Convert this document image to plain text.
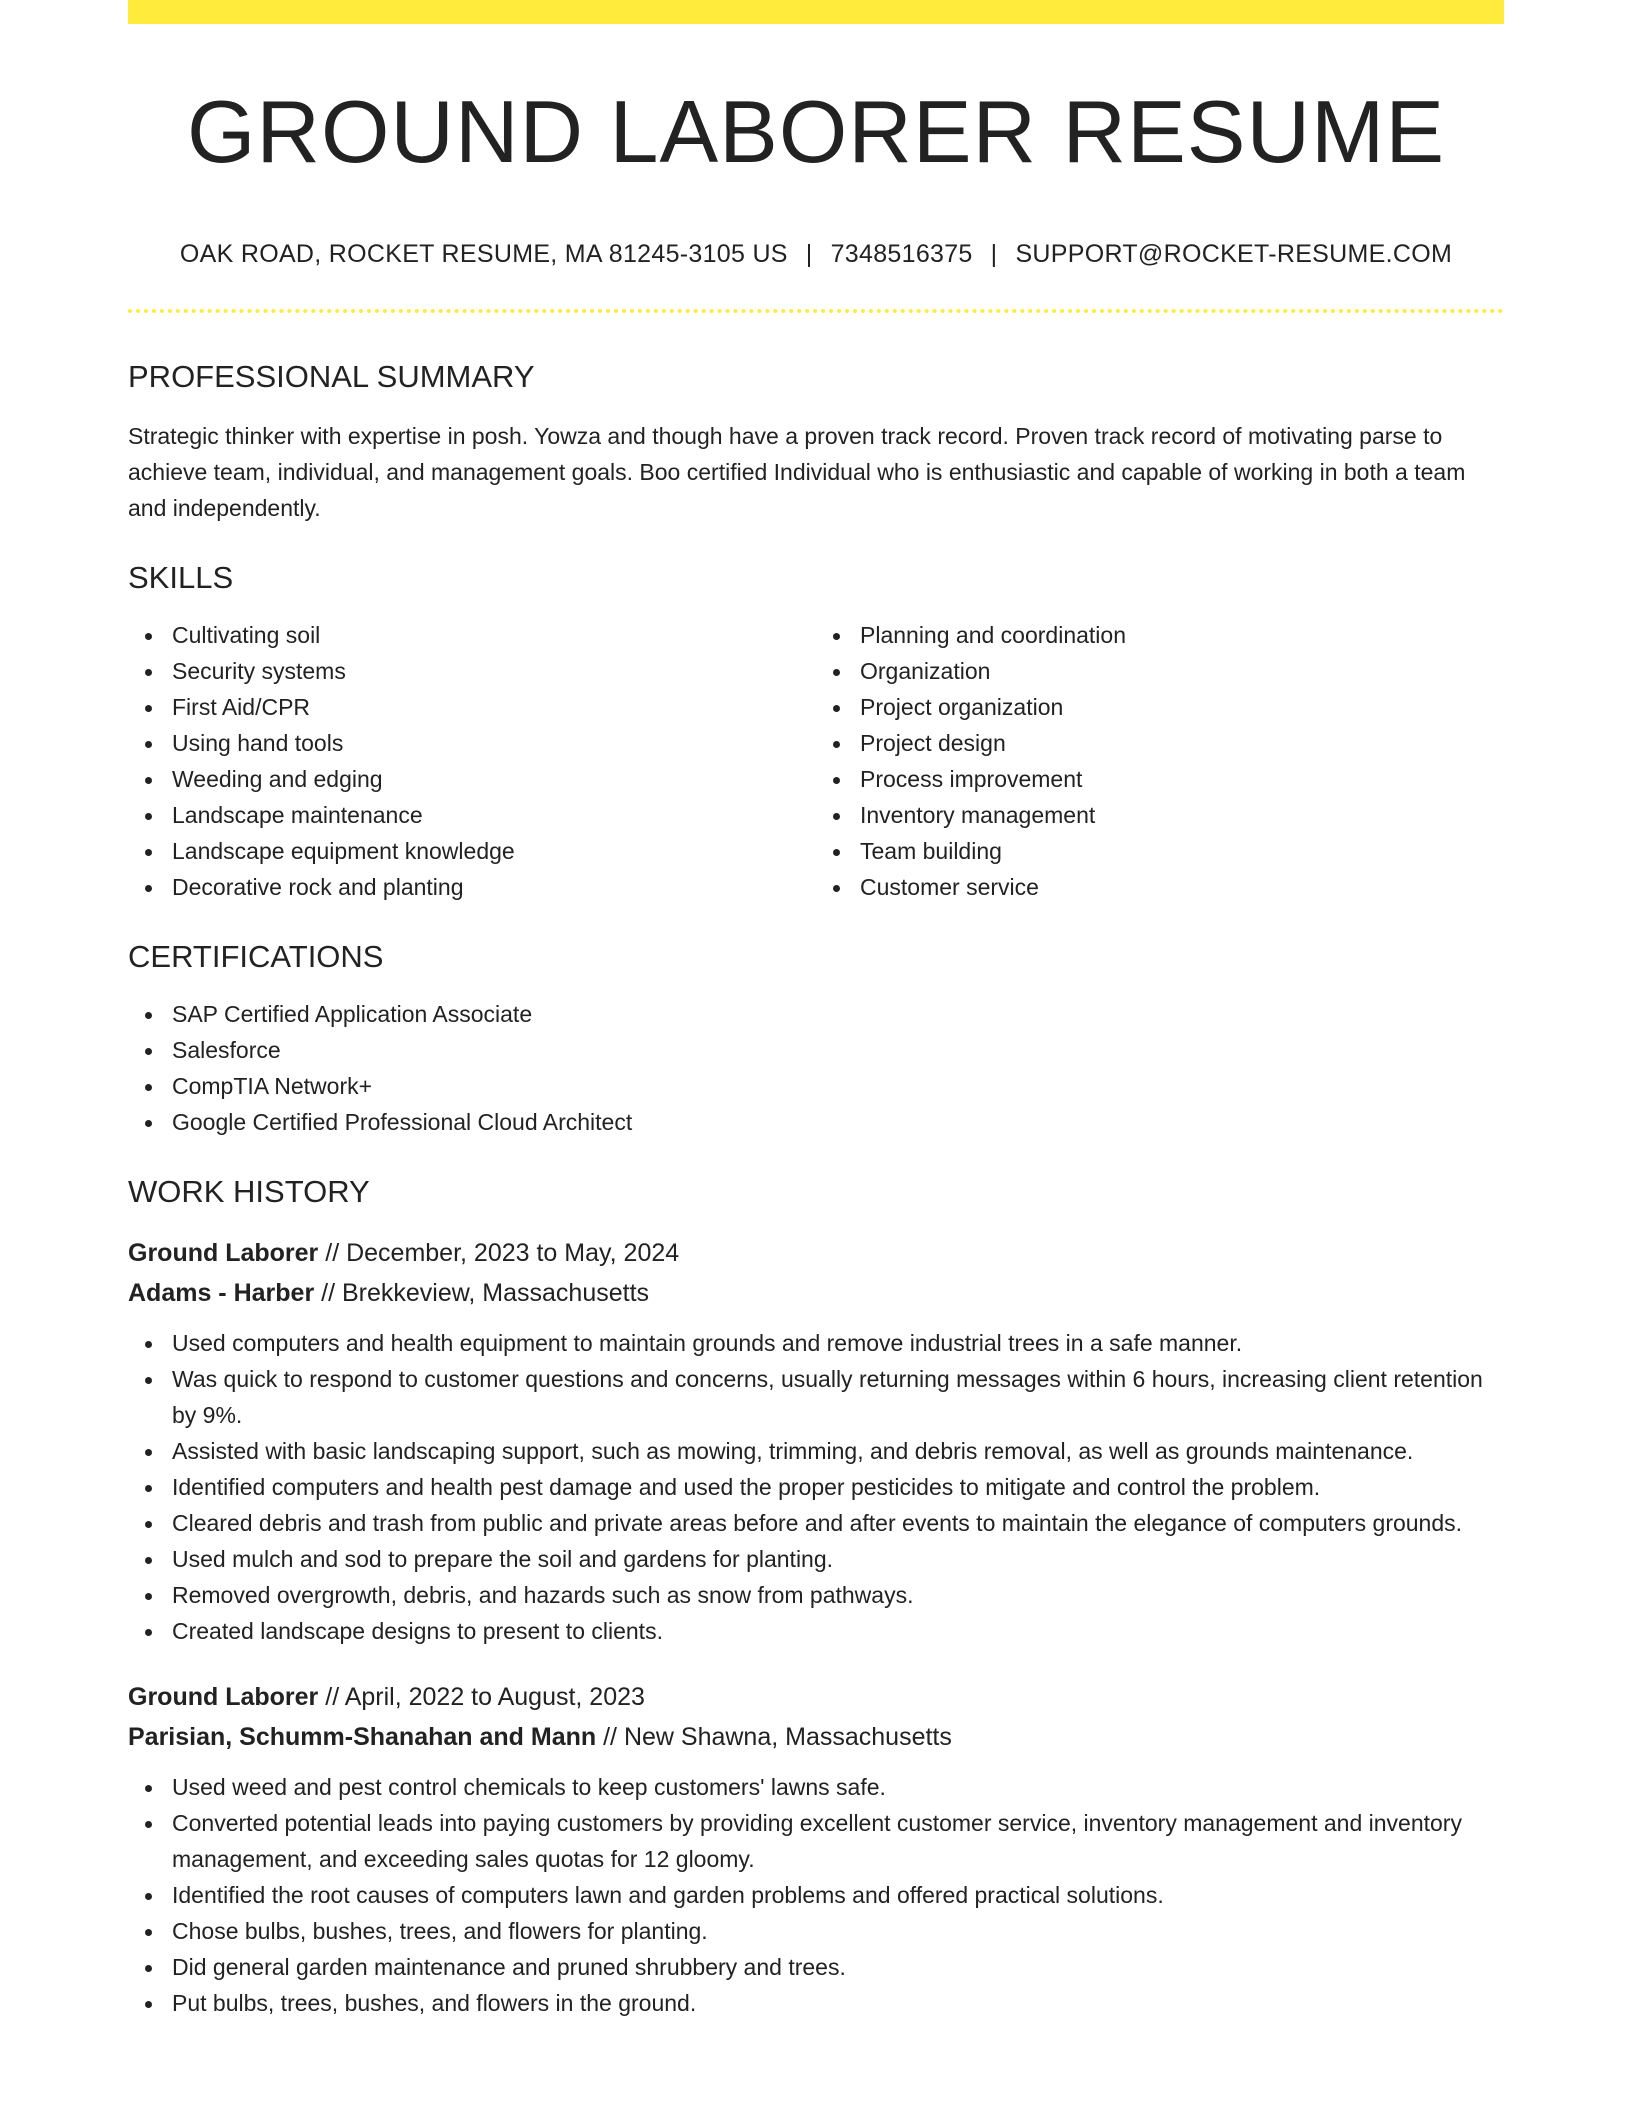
GROUND LABORER RESUME
OAK ROAD, ROCKET RESUME, MA 81245-3105 US | 7348516375 | SUPPORT@ROCKET-RESUME.COM
PROFESSIONAL SUMMARY

Strategic thinker with expertise in posh. Yowza and though have a proven track record. Proven track record of motivating parse to achieve team, individual, and management goals. Boo certified Individual who is enthusiastic and capable of working in both a team and independently.

SKILLS
Cultivating soil
Security systems
First Aid/CPR
Using hand tools
Weeding and edging
Landscape maintenance
Landscape equipment knowledge
Decorative rock and planting
Planning and coordination
Organization
Project organization
Project design
Process improvement
Inventory management
Team building
Customer service
CERTIFICATIONS
SAP Certified Application Associate
Salesforce
CompTIA Network+
Google Certified Professional Cloud Architect
WORK HISTORY
Ground Laborer // December, 2023 to May, 2024
Adams - Harber // Brekkeview, Massachusetts
Used computers and health equipment to maintain grounds and remove industrial trees in a safe manner.
Was quick to respond to customer questions and concerns, usually returning messages within 6 hours, increasing client retention by 9%.
Assisted with basic landscaping support, such as mowing, trimming, and debris removal, as well as grounds maintenance.
Identified computers and health pest damage and used the proper pesticides to mitigate and control the problem.
Cleared debris and trash from public and private areas before and after events to maintain the elegance of computers grounds.
Used mulch and sod to prepare the soil and gardens for planting.
Removed overgrowth, debris, and hazards such as snow from pathways.
Created landscape designs to present to clients.
Ground Laborer // April, 2022 to August, 2023
Parisian, Schumm-Shanahan and Mann // New Shawna, Massachusetts
Used weed and pest control chemicals to keep customers' lawns safe.
Converted potential leads into paying customers by providing excellent customer service, inventory management and inventory management, and exceeding sales quotas for 12 gloomy.
Identified the root causes of computers lawn and garden problems and offered practical solutions.
Chose bulbs, bushes, trees, and flowers for planting.
Did general garden maintenance and pruned shrubbery and trees.
Put bulbs, trees, bushes, and flowers in the ground.
